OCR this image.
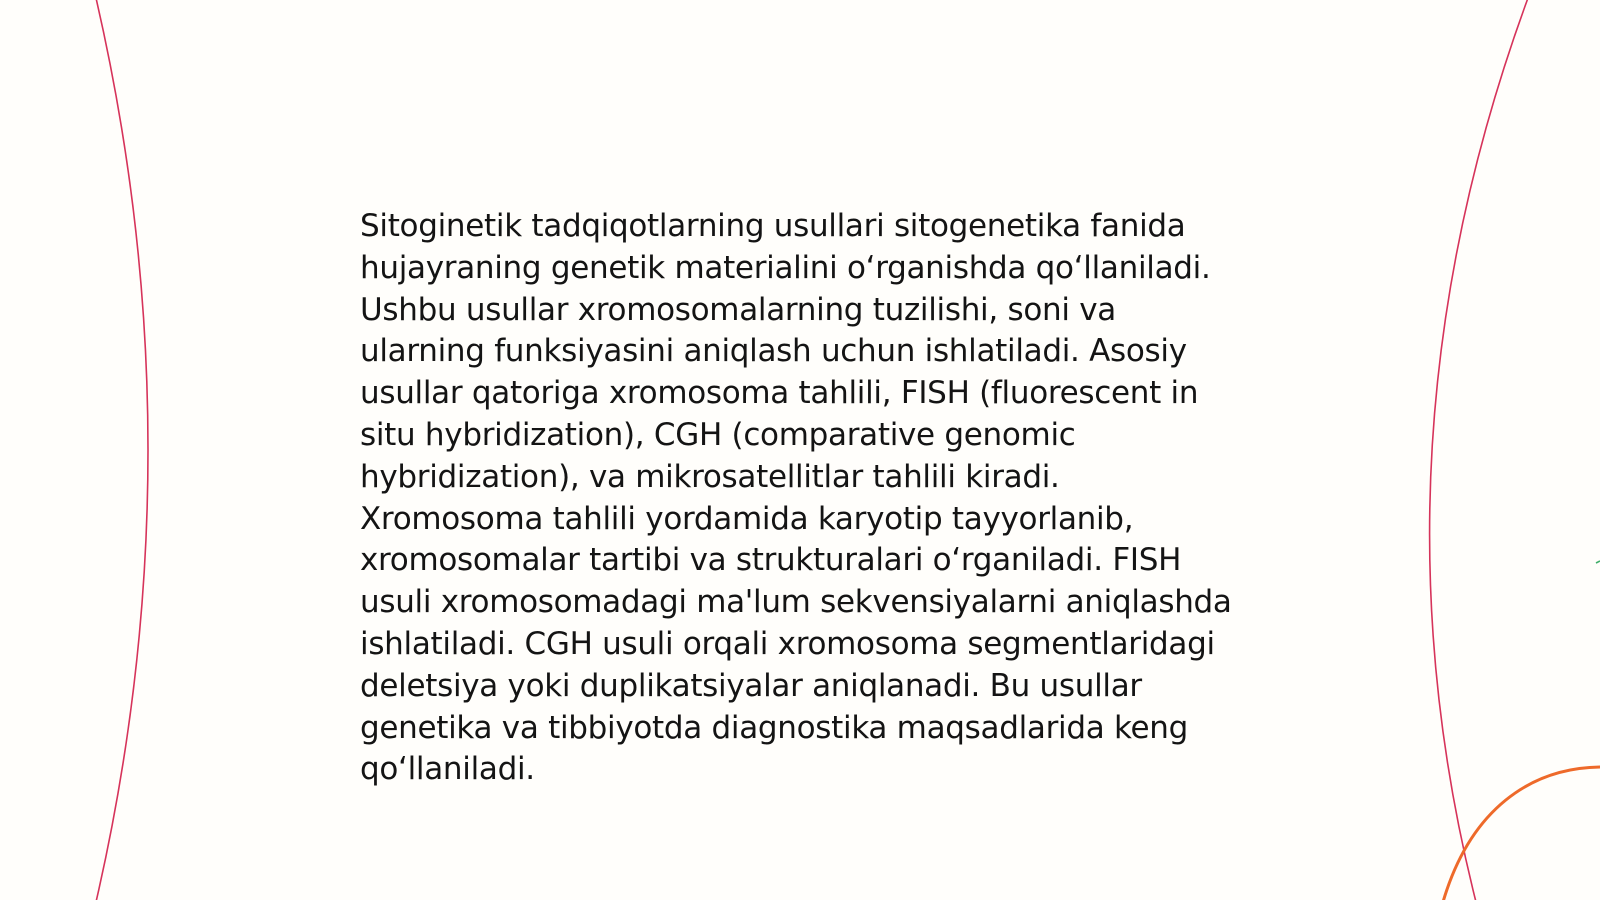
Sitoginetik tadqiqotlarning usullari sitogenetika fanida hujayraning genetik materialini o‘rganishda qo‘llaniladi. Ushbu usullar xromosomalarning tuzilishi, soni va ularning funksiyasini aniqlash uchun ishlatiladi. Asosiy usullar qatoriga xromosoma tahlili, FISH (fluorescent in situ hybridization), CGH (comparative genomic hybridization), va mikrosatellitlar tahlili kiradi. Xromosoma tahlili yordamida karyotip tayyorlanib, xromosomalar tartibi va strukturalari o‘rganiladi. FISH usuli xromosomadagi ma'lum sekvensiyalarni aniqlashda ishlatiladi. CGH usuli orqali xromosoma segmentlaridagi deletsiya yoki duplikatsiyalar aniqlanadi. Bu usullar genetika va tibbiyotda diagnostika maqsadlarida keng qo‘llaniladi.
